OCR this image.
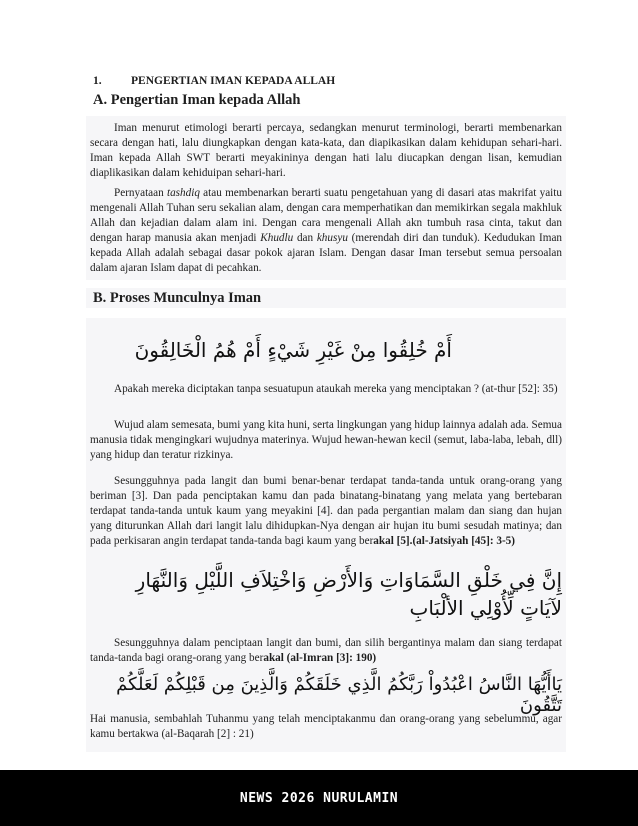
1.	PENGERTIAN IMAN KEPADA ALLAH
A. Pengertian Iman kepada Allah

Iman menurut etimologi berarti percaya, sedangkan menurut terminologi, berarti membenarkan secara dengan hati, lalu diungkapkan dengan kata-kata, dan diapikasikan dalam kehidupan sehari-hari. Iman kepada Allah SWT berarti meyakininya dengan hati lalu diucapkan dengan lisan, kemudian diaplikasikan dalam kehiduipan sehari-hari.

Pernyataan tashdiq atau membenarkan berarti suatu pengetahuan yang di dasari atas makrifat yaitu mengenali Allah Tuhan seru sekalian alam, dengan cara memperhatikan dan memikirkan segala makhluk Allah dan kejadian dalam alam ini. Dengan cara mengenali Allah akn tumbuh rasa cinta, takut dan dengan harap manusia akan menjadi Khudlu dan khusyu (merendah diri dan tunduk). Kedudukan Iman kepada Allah adalah sebagai dasar pokok ajaran Islam. Dengan dasar Iman tersebut semua persoalan dalam ajaran Islam dapat di pecahkan.

B. Proses Munculnya Iman
أَمْ خُلِقُوا مِنْ غَيْرِ شَيْءٍ أَمْ هُمُ الْخَالِقُونَ

Apakah mereka diciptakan tanpa sesuatupun ataukah mereka yang menciptakan ? (at-thur [52]: 35)

Wujud alam semesata, bumi yang kita huni, serta lingkungan yang hidup lainnya adalah ada. Semua manusia tidak mengingkari wujudnya materinya. Wujud hewan-hewan kecil (semut, laba-laba, lebah, dll) yang hidup dan teratur rizkinya.

Sesungguhnya pada langit dan bumi benar-benar terdapat tanda-tanda untuk orang-orang yang beriman [3]. Dan pada penciptakan kamu dan pada binatang-binatang yang melata yang bertebaran terdapat tanda-tanda untuk kaum yang meyakini [4]. dan pada pergantian malam dan siang dan hujan yang diturunkan Allah dari langit lalu dihidupkan-Nya dengan air hujan itu bumi sesudah matinya; dan pada perkisaran angin terdapat tanda-tanda bagi kaum yang berakal [5].(al-Jatsiyah [45]: 3-5)

إِنَّ فِي خَلْقِ السَّمَاوَاتِ وَالأَرْضِ وَاخْتِلاَفِ اللَّيْلِ وَالنَّهَارِ لآيَاتٍ لِّأُوْلِي الألْبَابِ

Sesungguhnya dalam penciptaan langit dan bumi, dan silih bergantinya malam dan siang terdapat tanda-tanda bagi orang-orang yang berakal (al-Imran [3]: 190)

يَاأَيُّهَا النَّاسُ اعْبُدُواْ رَبَّكُمُ الَّذِي خَلَقَكُمْ وَالَّذِينَ مِن قَبْلِكُمْ لَعَلَّكُمْ تَتَّقُونَ

Hai manusia, sembahlah Tuhanmu yang telah menciptakanmu dan orang-orang yang sebelummu, agar kamu bertakwa (al-Baqarah [2] : 21)

NEWS 2026 NURULAMIN
